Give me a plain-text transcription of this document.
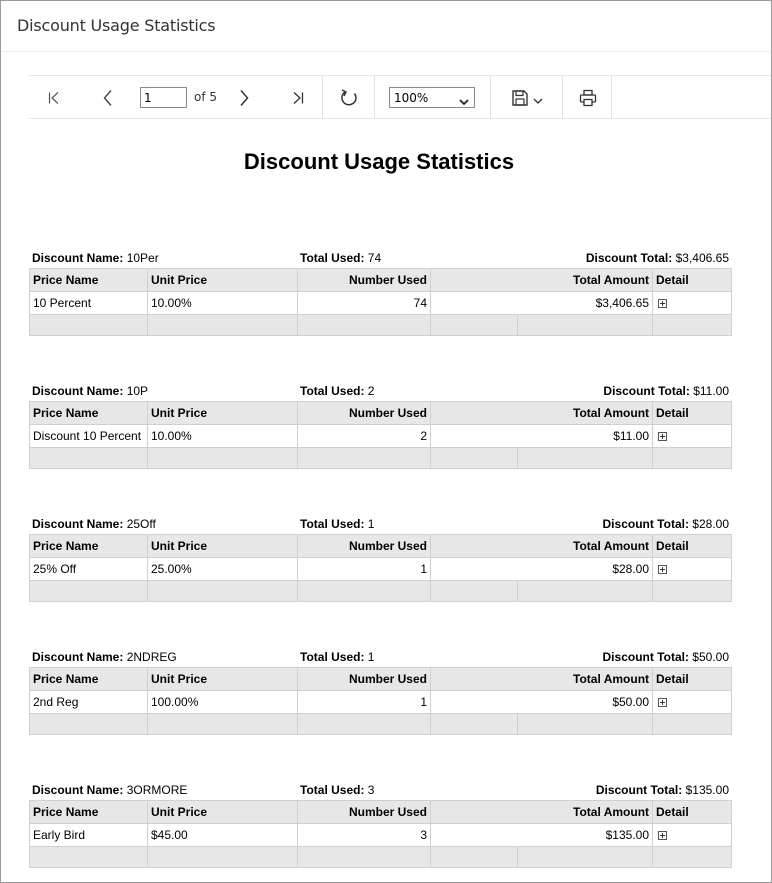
Discount Usage Statistics
1
of 5	100%
Discount Usage Statistics
Discount Name: 10Per	Total Used: 74	Discount Total: $3,406.65
Price Name	Unit Price	Number Used	Total Amount		Detail
10 Percent	10.00%	74	$3,406.65		

Discount Name: 10P	Total Used: 2	Discount Total: $11.00
Price Name	Unit Price	Number Used	Total Amount		Detail
Discount 10 Percent	10.00%	2	$11.00		

Discount Name: 25Off	Total Used: 1	Discount Total: $28.00
Price Name	Unit Price	Number Used	Total Amount		Detail
25% Off	25.00%	1	$28.00		

Discount Name: 2NDREG	Total Used: 1	Discount Total: $50.00
Price Name	Unit Price	Number Used	Total Amount		Detail
2nd Reg	100.00%	1	$50.00		

Discount Name: 3ORMORE	Total Used: 3	Discount Total: $135.00
Price Name	Unit Price	Number Used	Total Amount		Detail
Early Bird	$45.00	3	$135.00		
